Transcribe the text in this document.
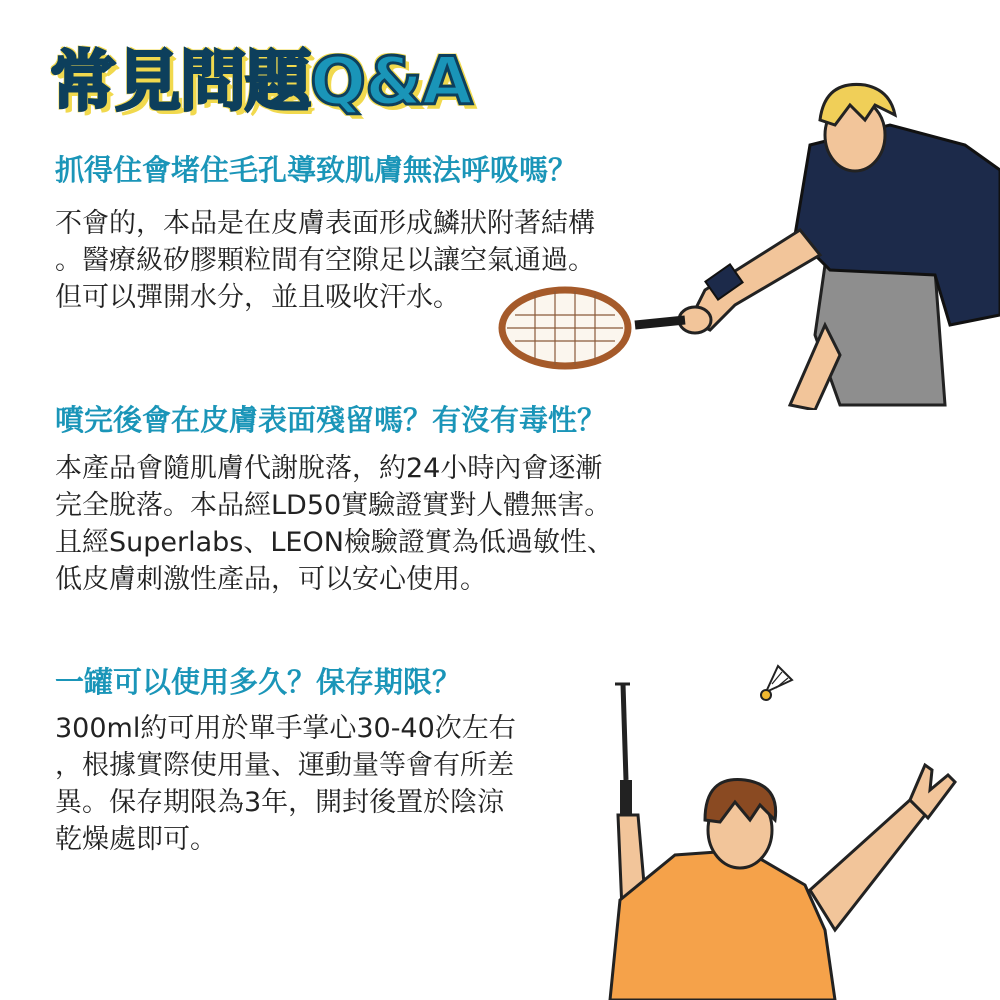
常見問題Q&A
抓得住會堵住毛孔導致肌膚無法呼吸嗎？
不會的，本品是在皮膚表面形成鱗狀附著結構
。醫療級矽膠顆粒間有空隙足以讓空氣通過。
但可以彈開水分，並且吸收汗水。
噴完後會在皮膚表面殘留嗎？有沒有毒性？
本產品會隨肌膚代謝脫落，約24小時內會逐漸
完全脫落。本品經LD50實驗證實對人體無害。
且經Superlabs、LEON檢驗證實為低過敏性、
低皮膚刺激性產品，可以安心使用。
一罐可以使用多久？保存期限？
300ml約可用於單手掌心30-40次左右
，根據實際使用量、運動量等會有所差
異。保存期限為3年，開封後置於陰涼
乾燥處即可。
